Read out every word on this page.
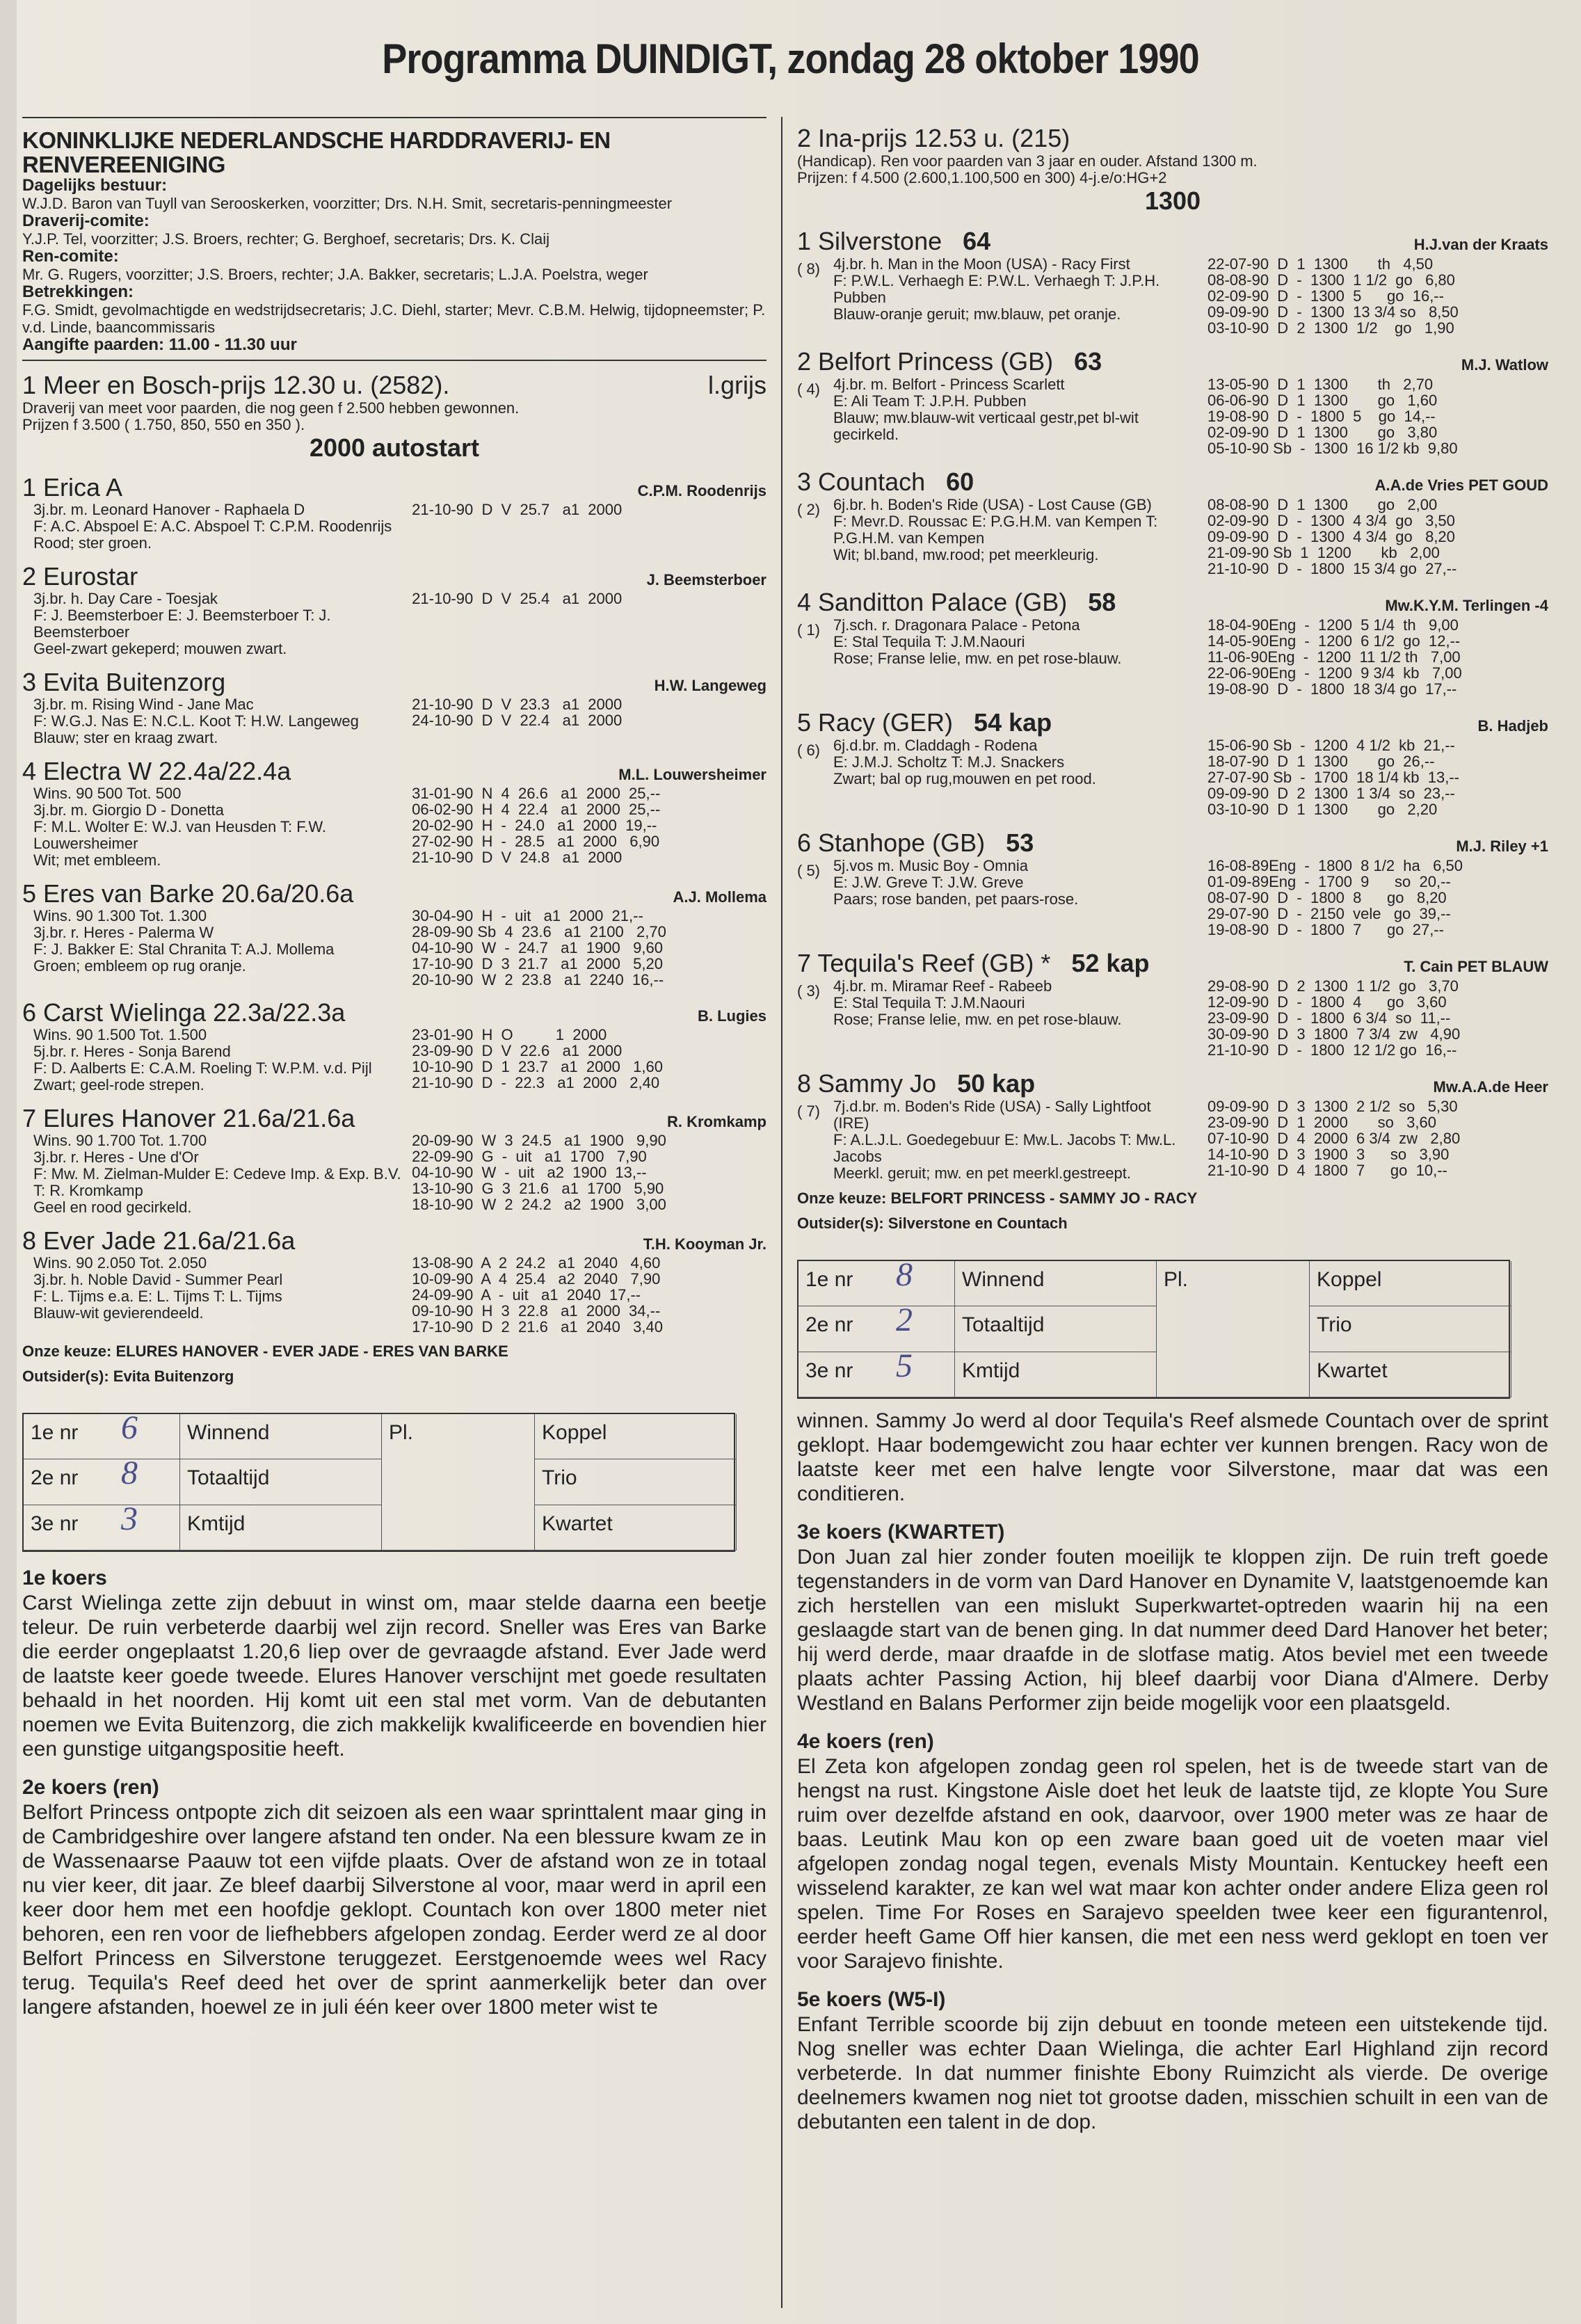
Programma DUINDIGT, zondag 28 oktober 1990
KONINKLIJKE NEDERLANDSCHE HARDDRAVERIJ- EN RENVEREENIGING
Dagelijks bestuur:
W.J.D. Baron van Tuyll van Serooskerken, voorzitter; Drs. N.H. Smit, secretaris-penningmeester
Draverij-comite:
Y.J.P. Tel, voorzitter; J.S. Broers, rechter; G. Berghoef, secretaris; Drs. K. Claij
Ren-comite:
Mr. G. Rugers, voorzitter; J.S. Broers, rechter; J.A. Bakker, secretaris; L.J.A. Poelstra, weger
Betrekkingen:
F.G. Smidt, gevolmachtigde en wedstrijdsecretaris; J.C. Diehl, starter; Mevr. C.B.M. Helwig, tijdopneemster; P. v.d. Linde, baancommissaris
Aangifte paarden: 11.00 - 11.30 uur
1 Meer en Bosch-prijs 12.30 u. (2582).	l.grijs
Draverij van meet voor paarden, die nog geen f 2.500 hebben gewonnen.
Prijzen f 3.500 ( 1.750, 850, 550 en 350 ).
2000 autostart
1 Erica A	C.P.M. Roodenrijs
3j.br. m. Leonard Hanover - Raphaela D
F: A.C. Abspoel E: A.C. Abspoel T: C.P.M. Roodenrijs
Rood; ster groen.
21-10-90  D  V  25.7   a1  2000
2 Eurostar	J. Beemsterboer
3j.br. h. Day Care - Toesjak
F: J. Beemsterboer E: J. Beemsterboer T: J. Beemsterboer
Geel-zwart gekeperd; mouwen zwart.
21-10-90  D  V  25.4   a1  2000
3 Evita Buitenzorg	H.W. Langeweg
3j.br. m. Rising Wind - Jane Mac
F: W.G.J. Nas E: N.C.L. Koot T: H.W. Langeweg
Blauw; ster en kraag zwart.
21-10-90  D  V  23.3   a1  2000
24-10-90  D  V  22.4   a1  2000
4 Electra W 22.4a/22.4a	M.L. Louwersheimer
Wins. 90 500 Tot. 500
3j.br. m. Giorgio D - Donetta
F: M.L. Wolter E: W.J. van Heusden T: F.W. Louwersheimer
Wit; met embleem.
31-01-90  N  4  26.6   a1  2000  25,--
06-02-90  H  4  22.4   a1  2000  25,--
20-02-90  H  -  24.0   a1  2000  19,--
27-02-90  H  -  28.5   a1  2000   6,90
21-10-90  D  V  24.8   a1  2000
5 Eres van Barke 20.6a/20.6a	A.J. Mollema
Wins. 90 1.300 Tot. 1.300
3j.br. r. Heres - Palerma W
F: J. Bakker E: Stal Chranita T: A.J. Mollema
Groen; embleem op rug oranje.
30-04-90  H  -  uit   a1  2000  21,--
28-09-90 Sb  4  23.6   a1  2100   2,70
04-10-90  W  -  24.7   a1  1900   9,60
17-10-90  D  3  21.7   a1  2000   5,20
20-10-90  W  2  23.8   a1  2240  16,--
6 Carst Wielinga 22.3a/22.3a	B. Lugies
Wins. 90 1.500 Tot. 1.500
5j.br. r. Heres - Sonja Barend
F: D. Aalberts E: C.A.M. Roeling T: W.P.M. v.d. Pijl
Zwart; geel-rode strepen.
23-01-90  H  O          1  2000
23-09-90  D  V  22.6   a1  2000
10-10-90  D  1  23.7   a1  2000   1,60
21-10-90  D  -  22.3   a1  2000   2,40
7 Elures Hanover 21.6a/21.6a	R. Kromkamp
Wins. 90 1.700 Tot. 1.700
3j.br. r. Heres - Une d'Or
F: Mw. M. Zielman-Mulder E: Cedeve Imp. & Exp. B.V. T: R. Kromkamp
Geel en rood gecirkeld.
20-09-90  W  3  24.5   a1  1900   9,90
22-09-90  G  -  uit   a1  1700   7,90
04-10-90  W  -  uit   a2  1900  13,--
13-10-90  G  3  21.6   a1  1700   5,90
18-10-90  W  2  24.2   a2  1900   3,00
8 Ever Jade 21.6a/21.6a	T.H. Kooyman Jr.
Wins. 90 2.050 Tot. 2.050
3j.br. h. Noble David - Summer Pearl
F: L. Tijms e.a. E: L. Tijms T: L. Tijms
Blauw-wit gevierendeeld.
13-08-90  A  2  24.2   a1  2040   4,60
10-09-90  A  4  25.4   a2  2040   7,90
24-09-90  A  -  uit   a1  2040  17,--
09-10-90  H  3  22.8   a1  2000  34,--
17-10-90  D  2  21.6   a1  2040   3,40
Onze keuze: ELURES HANOVER - EVER JADE - ERES VAN BARKE
Outsider(s): Evita Buitenzorg
1e nr 6	Winnend	Koppel
2e nr 8	Totaaltijd	Trio
3e nr 3	Kmtijd	Kwartet
Pl.
1e koers

Carst Wielinga zette zijn debuut in winst om, maar stelde daarna een beetje teleur. De ruin verbeterde daarbij wel zijn record. Sneller was Eres van Barke die eerder ongeplaatst 1.20,6 liep over de gevraagde afstand. Ever Jade werd de laatste keer goede tweede. Elures Hanover verschijnt met goede resultaten behaald in het noorden. Hij komt uit een stal met vorm. Van de debutanten noemen we Evita Buitenzorg, die zich makkelijk kwalificeerde en bovendien hier een gunstige uitgangspositie heeft.

2e koers (ren)

Belfort Princess ontpopte zich dit seizoen als een waar sprinttalent maar ging in de Cambridgeshire over langere afstand ten onder. Na een blessure kwam ze in de Wassenaarse Paauw tot een vijfde plaats. Over de afstand won ze in totaal nu vier keer, dit jaar. Ze bleef daarbij Silverstone al voor, maar werd in april een keer door hem met een hoofdje geklopt. Countach kon over 1800 meter niet behoren, een ren voor de liefhebbers afgelopen zondag. Eerder werd ze al door Belfort Princess en Silverstone teruggezet. Eerstgenoemde wees wel Racy terug. Tequila's Reef deed het over de sprint aanmerkelijk beter dan over langere afstanden, hoewel ze in juli één keer over 1800 meter wist te

2 Ina-prijs 12.53 u. (215)
(Handicap). Ren voor paarden van 3 jaar en ouder. Afstand 1300 m.
Prijzen: f 4.500 (2.600,1.100,500 en 300) 4-j.e/o:HG+2
1300
1 Silverstone 64	H.J.van der Kraats
( 8) 4j.br. h. Man in the Moon (USA) - Racy First
F: P.W.L. Verhaegh E: P.W.L. Verhaegh T: J.P.H. Pubben
Blauw-oranje geruit; mw.blauw, pet oranje.
22-07-90  D  1  1300       th   4,50
08-08-90  D  -  1300  1 1/2  go   6,80
02-09-90  D  -  1300  5      go  16,--
09-09-90  D  -  1300  13 3/4 so   8,50
03-10-90  D  2  1300  1/2    go   1,90
2 Belfort Princess (GB) 63	M.J. Watlow
( 4) 4j.br. m. Belfort - Princess Scarlett
E: Ali Team T: J.P.H. Pubben
Blauw; mw.blauw-wit verticaal gestr,pet bl-wit gecirkeld.
13-05-90  D  1  1300       th   2,70
06-06-90  D  1  1300       go   1,60
19-08-90  D  -  1800  5    go  14,--
02-09-90  D  1  1300       go   3,80
05-10-90 Sb  -  1300  16 1/2 kb  9,80
3 Countach 60	A.A.de Vries PET GOUD
( 2) 6j.br. h. Boden's Ride (USA) - Lost Cause (GB)
F: Mevr.D. Roussac E: P.G.H.M. van Kempen T: P.G.H.M. van Kempen
Wit; bl.band, mw.rood; pet meerkleurig.
08-08-90  D  1  1300       go   2,00
02-09-90  D  -  1300  4 3/4  go   3,50
09-09-90  D  -  1300  4 3/4  go   8,20
21-09-90 Sb  1  1200       kb   2,00
21-10-90  D  -  1800  15 3/4 go  27,--
4 Sanditton Palace (GB) 58	Mw.K.Y.M. Terlingen -4
( 1) 7j.sch. r. Dragonara Palace - Petona
E: Stal Tequila T: J.M.Naouri
Rose; Franse lelie, mw. en pet rose-blauw.
18-04-90Eng  -  1200  5 1/4  th   9,00
14-05-90Eng  -  1200  6 1/2  go  12,--
11-06-90Eng  -  1200  11 1/2 th   7,00
22-06-90Eng  -  1200  9 3/4  kb   7,00
19-08-90  D  -  1800  18 3/4 go  17,--
5 Racy (GER) 54 kap	B. Hadjeb
( 6) 6j.d.br. m. Claddagh - Rodena
E: J.M.J. Scholtz T: M.J. Snackers
Zwart; bal op rug,mouwen en pet rood.
15-06-90 Sb  -  1200  4 1/2  kb  21,--
18-07-90  D  1  1300       go  26,--
27-07-90 Sb  -  1700  18 1/4 kb  13,--
09-09-90  D  2  1300  1 3/4  so  23,--
03-10-90  D  1  1300       go   2,20
6 Stanhope (GB) 53	M.J. Riley +1
( 5) 5j.vos m. Music Boy - Omnia
E: J.W. Greve T: J.W. Greve
Paars; rose banden, pet paars-rose.
16-08-89Eng  -  1800  8 1/2  ha   6,50
01-09-89Eng  -  1700  9      so  20,--
08-07-90  D  -  1800  8      go   8,20
29-07-90  D  -  2150  vele   go  39,--
19-08-90  D  -  1800  7      go  27,--
7 Tequila's Reef (GB) * 52 kap	T. Cain PET BLAUW
( 3) 4j.br. m. Miramar Reef - Rabeeb
E: Stal Tequila T: J.M.Naouri
Rose; Franse lelie, mw. en pet rose-blauw.
29-08-90  D  2  1300  1 1/2  go   3,70
12-09-90  D  -  1800  4      go   3,60
23-09-90  D  -  1800  6 3/4  so  11,--
30-09-90  D  3  1800  7 3/4  zw   4,90
21-10-90  D  -  1800  12 1/2 go  16,--
8 Sammy Jo 50 kap	Mw.A.A.de Heer
( 7) 7j.d.br. m. Boden's Ride (USA) - Sally Lightfoot (IRE)
F: A.L.J.L. Goedegebuur E: Mw.L. Jacobs T: Mw.L. Jacobs
Meerkl. geruit; mw. en pet meerkl.gestreept.
09-09-90  D  3  1300  2 1/2  so   5,30
23-09-90  D  1  2000       so   3,60
07-10-90  D  4  2000  6 3/4  zw   2,80
14-10-90  D  3  1900  3      so   3,90
21-10-90  D  4  1800  7      go  10,--
Onze keuze: BELFORT PRINCESS - SAMMY JO - RACY
Outsider(s): Silverstone en Countach
1e nr 8	Winnend	Koppel
2e nr 2	Totaaltijd	Trio
3e nr 5	Kmtijd	Kwartet
Pl.

winnen. Sammy Jo werd al door Tequila's Reef alsmede Countach over de sprint geklopt. Haar bodemgewicht zou haar echter ver kunnen brengen. Racy won de laatste keer met een halve lengte voor Silverstone, maar dat was een conditieren.

3e koers (KWARTET)

Don Juan zal hier zonder fouten moeilijk te kloppen zijn. De ruin treft goede tegenstanders in de vorm van Dard Hanover en Dynamite V, laatstgenoemde kan zich herstellen van een mislukt Superkwartet-optreden waarin hij na een geslaagde start van de benen ging. In dat nummer deed Dard Hanover het beter; hij werd derde, maar draafde in de slotfase matig. Atos beviel met een tweede plaats achter Passing Action, hij bleef daarbij voor Diana d'Almere. Derby Westland en Balans Performer zijn beide mogelijk voor een plaatsgeld.

4e koers (ren)

El Zeta kon afgelopen zondag geen rol spelen, het is de tweede start van de hengst na rust. Kingstone Aisle doet het leuk de laatste tijd, ze klopte You Sure ruim over dezelfde afstand en ook, daarvoor, over 1900 meter was ze haar de baas. Leutink Mau kon op een zware baan goed uit de voeten maar viel afgelopen zondag nogal tegen, evenals Misty Mountain. Kentuckey heeft een wisselend karakter, ze kan wel wat maar kon achter onder andere Eliza geen rol spelen. Time For Roses en Sarajevo speelden twee keer een figurantenrol, eerder heeft Game Off hier kansen, die met een ness werd geklopt en toen ver voor Sarajevo finishte.

5e koers (W5-I)

Enfant Terrible scoorde bij zijn debuut en toonde meteen een uitstekende tijd. Nog sneller was echter Daan Wielinga, die achter Earl Highland zijn record verbeterde. In dat nummer finishte Ebony Ruimzicht als vierde. De overige deelnemers kwamen nog niet tot grootse daden, misschien schuilt in een van de debutanten een talent in de dop.
